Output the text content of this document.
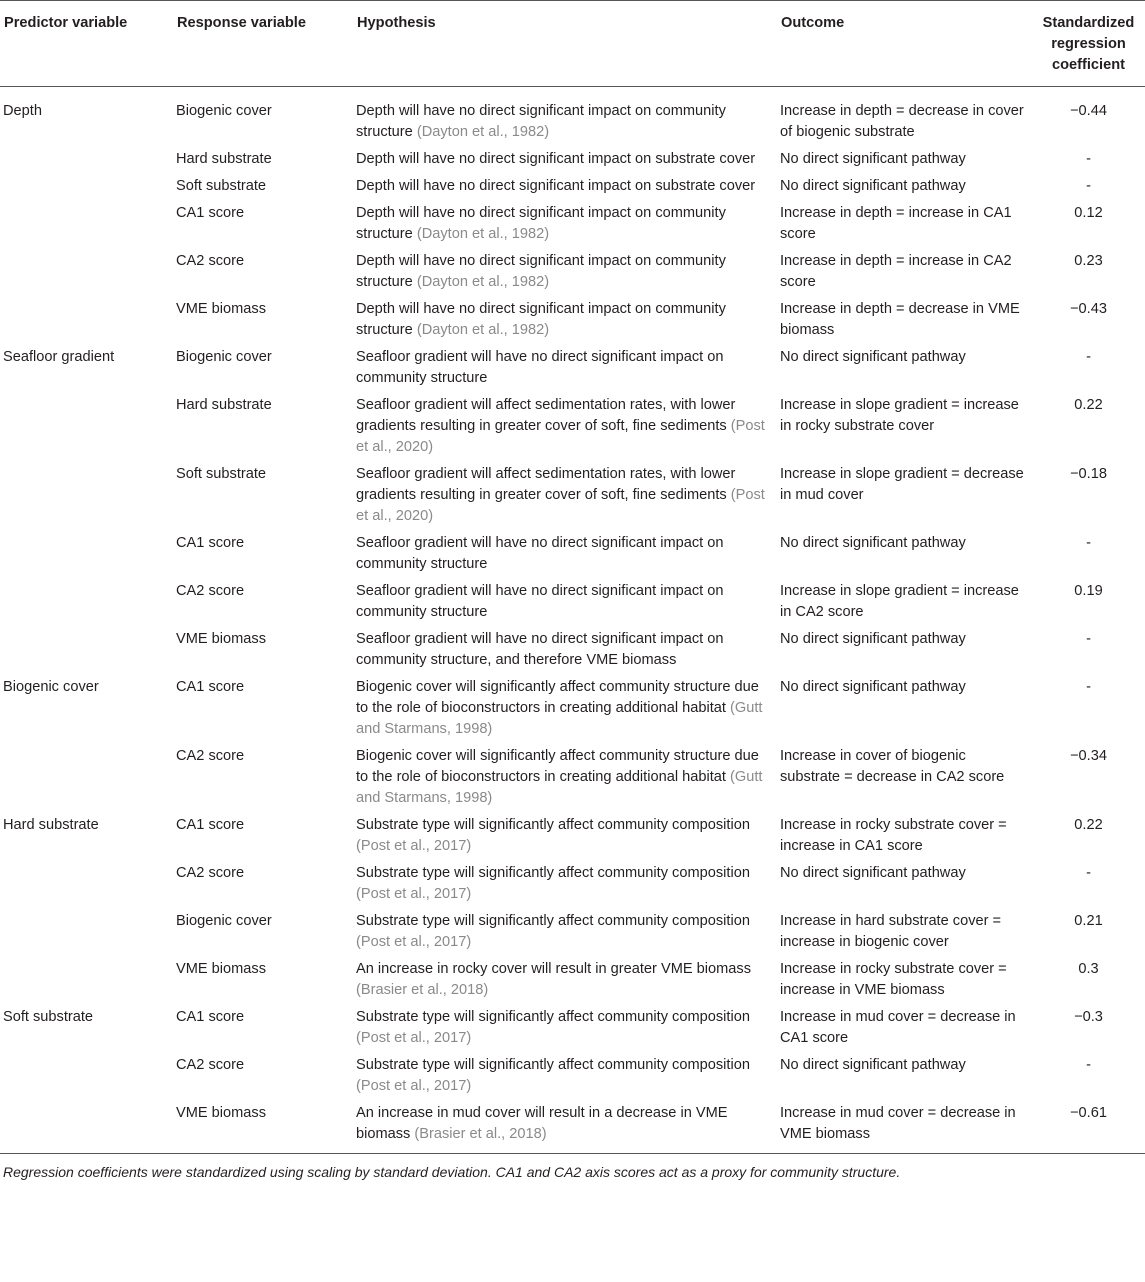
Predictor variable	Response variable	Hypothesis	Outcome	Standardized regression coefficient
Depth	Biogenic cover	Depth will have no direct significant impact on community structure (Dayton et al., 1982)	Increase in depth = decrease in cover of biogenic substrate	−0.44
	Hard substrate	Depth will have no direct significant impact on substrate cover	No direct significant pathway	-
	Soft substrate	Depth will have no direct significant impact on substrate cover	No direct significant pathway	-
	CA1 score	Depth will have no direct significant impact on community structure (Dayton et al., 1982)	Increase in depth = increase in CA1 score	0.12
	CA2 score	Depth will have no direct significant impact on community structure (Dayton et al., 1982)	Increase in depth = increase in CA2 score	0.23
	VME biomass	Depth will have no direct significant impact on community structure (Dayton et al., 1982)	Increase in depth = decrease in VME biomass	−0.43
Seafloor gradient	Biogenic cover	Seafloor gradient will have no direct significant impact on community structure	No direct significant pathway	-
	Hard substrate	Seafloor gradient will affect sedimentation rates, with lower gradients resulting in greater cover of soft, fine sediments (Post et al., 2020)	Increase in slope gradient = increase in rocky substrate cover	0.22
	Soft substrate	Seafloor gradient will affect sedimentation rates, with lower gradients resulting in greater cover of soft, fine sediments (Post et al., 2020)	Increase in slope gradient = decrease in mud cover	−0.18
	CA1 score	Seafloor gradient will have no direct significant impact on community structure	No direct significant pathway	-
	CA2 score	Seafloor gradient will have no direct significant impact on community structure	Increase in slope gradient = increase in CA2 score	0.19
	VME biomass	Seafloor gradient will have no direct significant impact on community structure, and therefore VME biomass	No direct significant pathway	-
Biogenic cover	CA1 score	Biogenic cover will significantly affect community structure due to the role of bioconstructors in creating additional habitat (Gutt and Starmans, 1998)	No direct significant pathway	-
	CA2 score	Biogenic cover will significantly affect community structure due to the role of bioconstructors in creating additional habitat (Gutt and Starmans, 1998)	Increase in cover of biogenic substrate = decrease in CA2 score	−0.34
Hard substrate	CA1 score	Substrate type will significantly affect community composition (Post et al., 2017)	Increase in rocky substrate cover = increase in CA1 score	0.22
	CA2 score	Substrate type will significantly affect community composition (Post et al., 2017)	No direct significant pathway	-
	Biogenic cover	Substrate type will significantly affect community composition (Post et al., 2017)	Increase in hard substrate cover = increase in biogenic cover	0.21
	VME biomass	An increase in rocky cover will result in greater VME biomass (Brasier et al., 2018)	Increase in rocky substrate cover = increase in VME biomass	0.3
Soft substrate	CA1 score	Substrate type will significantly affect community composition (Post et al., 2017)	Increase in mud cover = decrease in CA1 score	−0.3
	CA2 score	Substrate type will significantly affect community composition (Post et al., 2017)	No direct significant pathway	-
	VME biomass	An increase in mud cover will result in a decrease in VME biomass (Brasier et al., 2018)	Increase in mud cover = decrease in VME biomass	−0.61
Regression coefficients were standardized using scaling by standard deviation. CA1 and CA2 axis scores act as a proxy for community structure.
